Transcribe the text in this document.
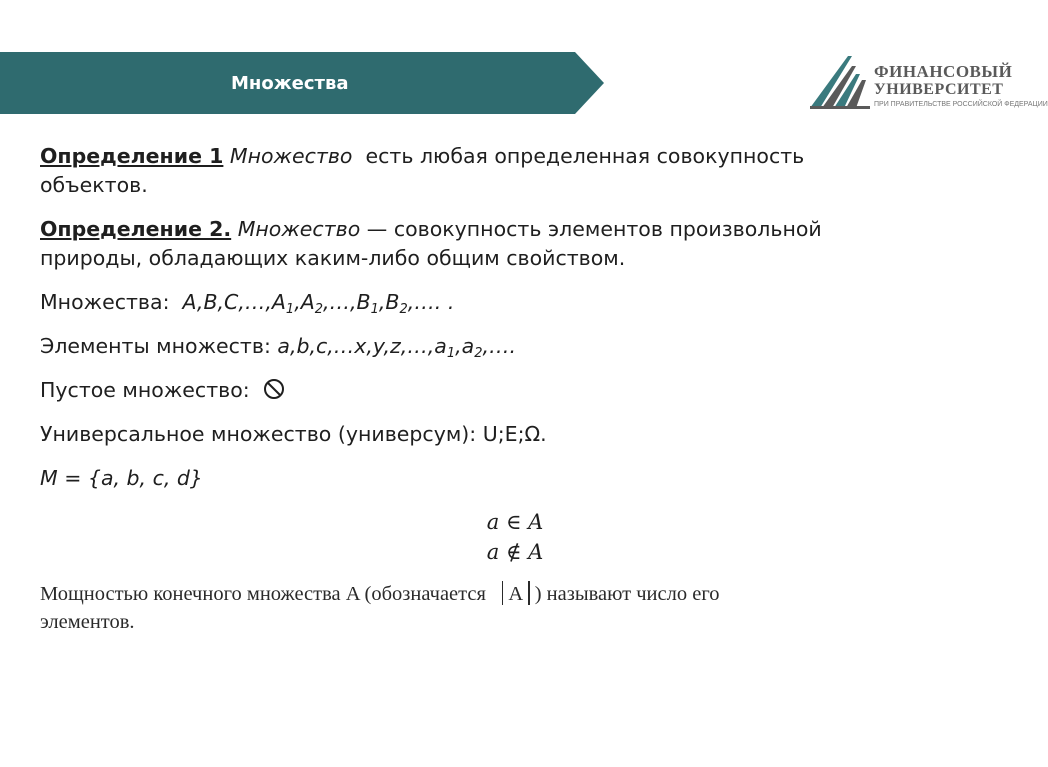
Множества
ФИНАНСОВЫЙ
УНИВЕРСИТЕТ
ПРИ ПРАВИТЕЛЬСТВЕ РОССИЙСКОЙ ФЕДЕРАЦИИ

Определение 1 Множество есть любая определенная совокупность
объектов.

Определение 2. Множество — совокупность элементов произвольной
природы, обладающих каким-либо общим свойством.

Множества: $A,B,C,\dots,A_1,A_2,\dots,B_1,B_2,\dots$. .

Элементы множеств: $a,b,c,\dots x,y,z,\dots,a_1,a_2,\dots$.

Пустое множество:

Универсальное множество (универсум): U;E;Ω.

M = {a, b, c, d}

a ∈ A
a ∉ A
Мощностью конечного множества A (обозначается A ) называют число его
элементов.
